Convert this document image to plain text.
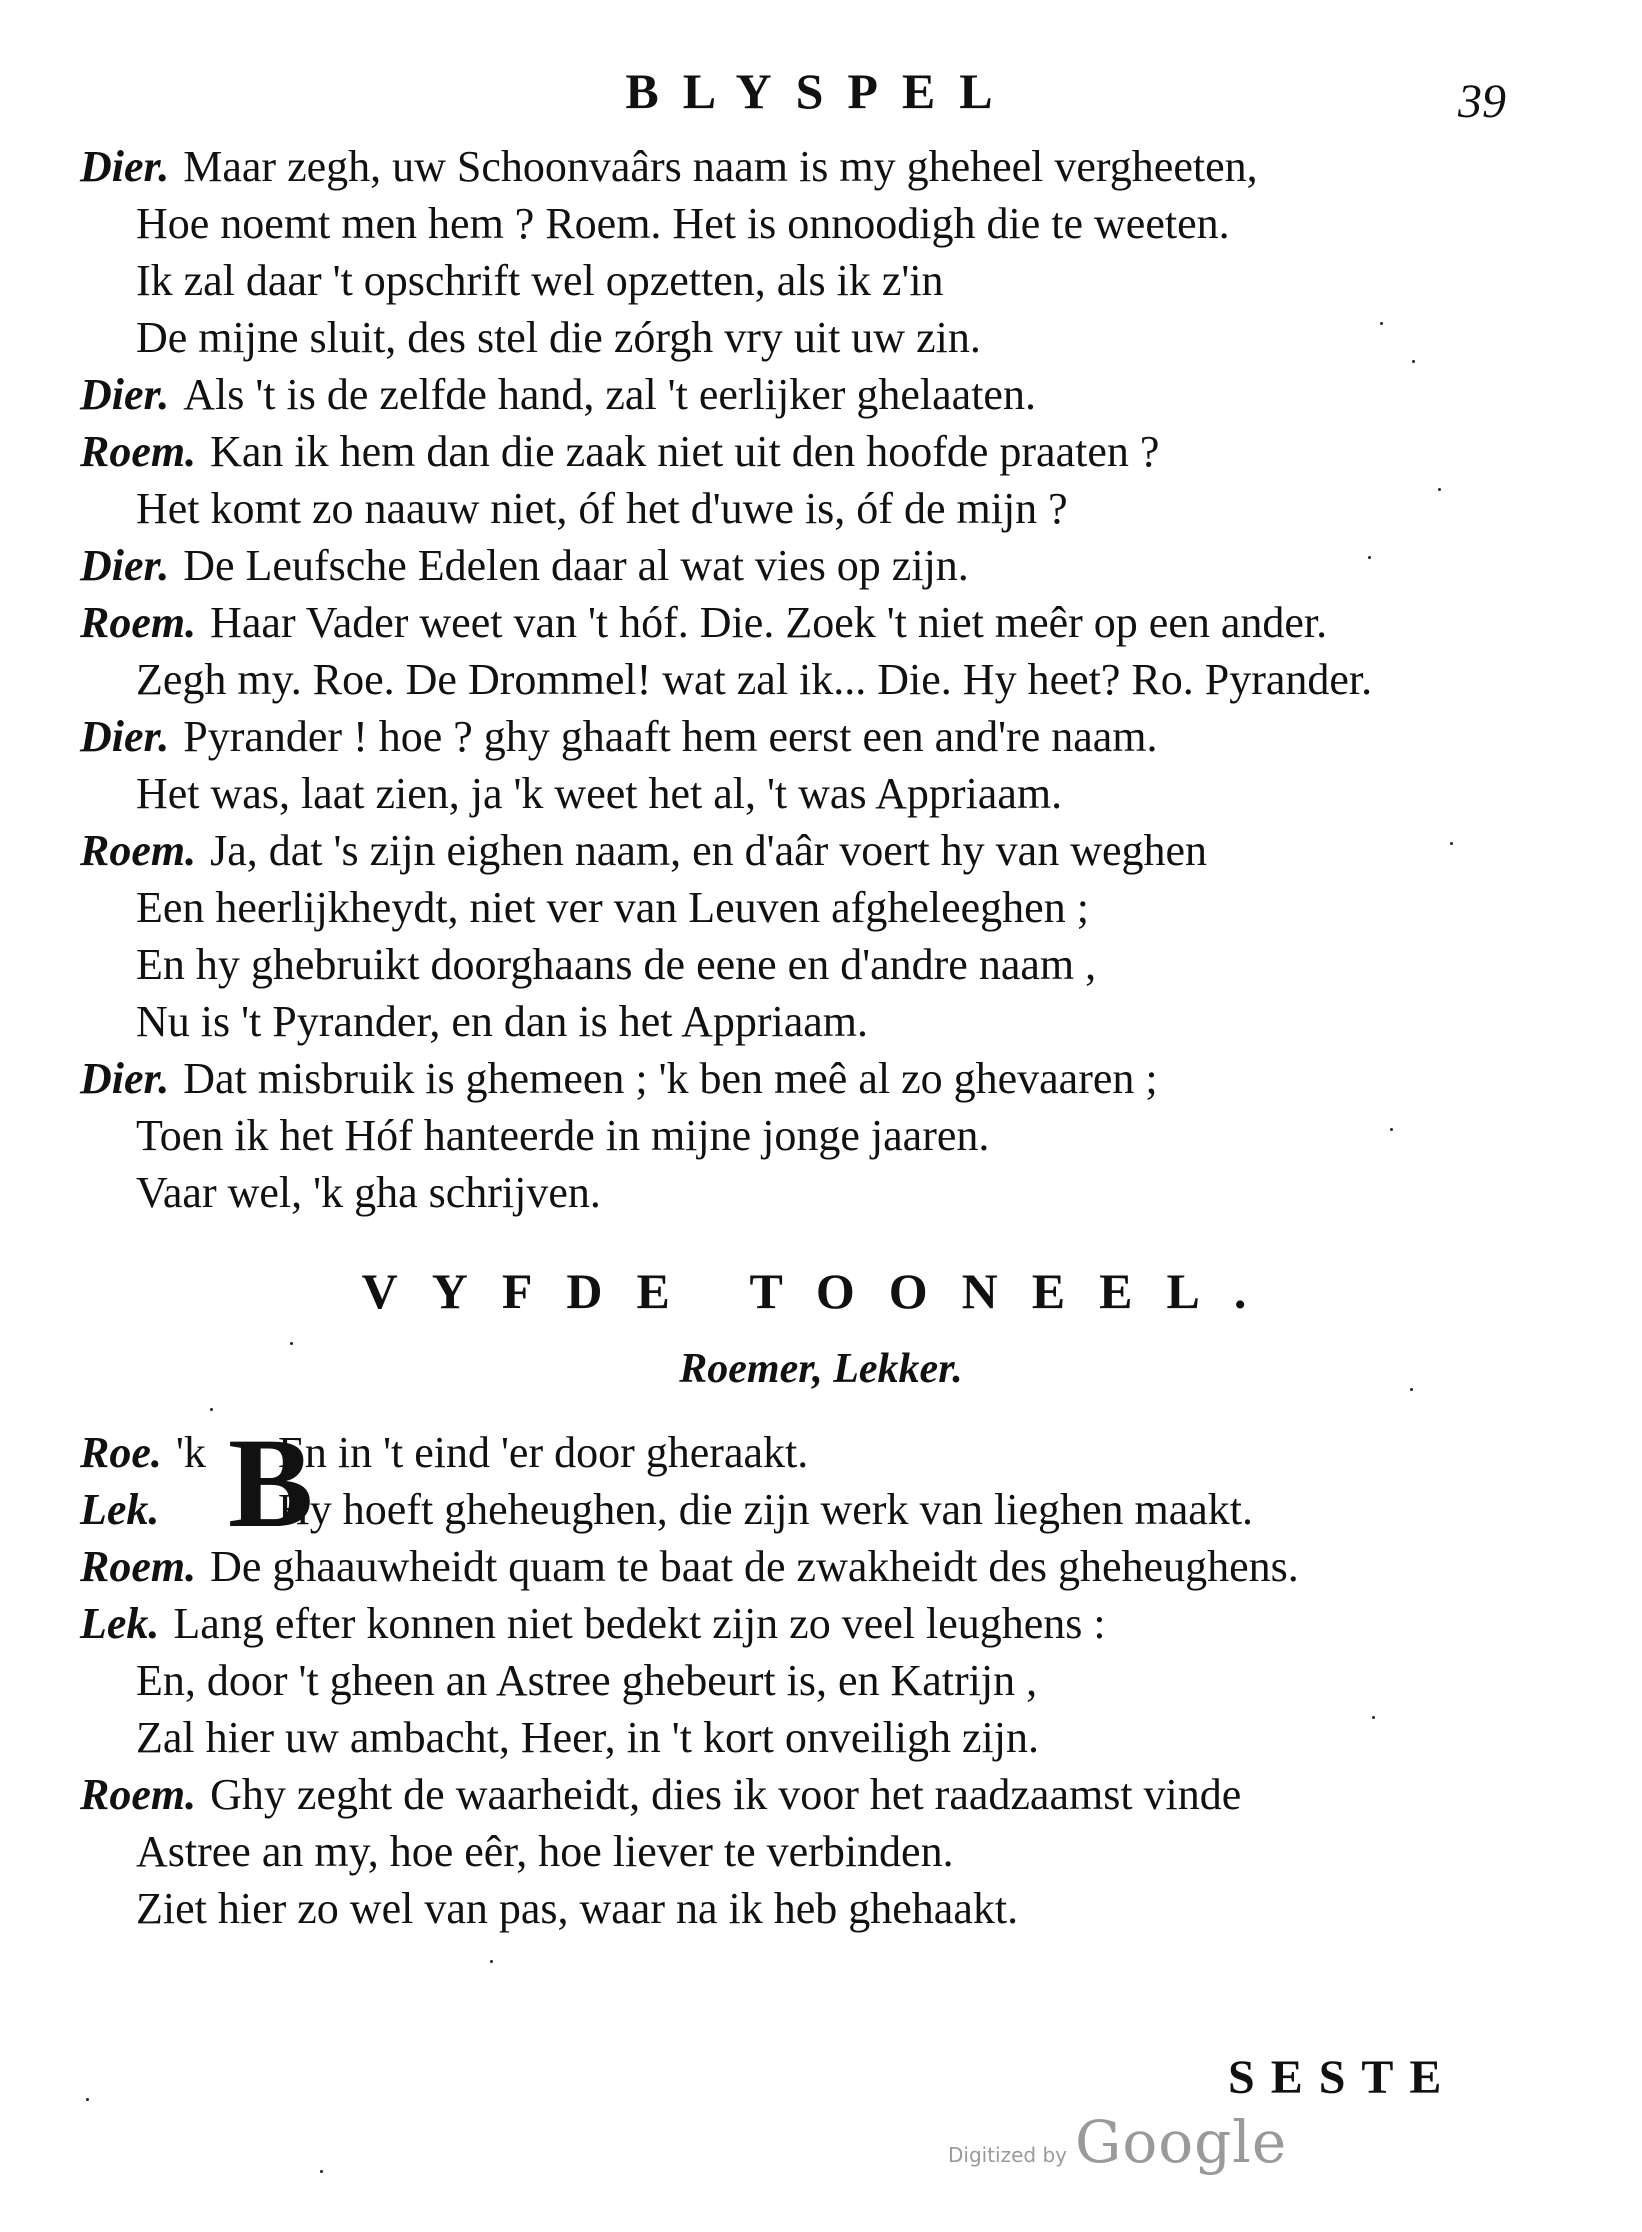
BLYSPEL	39
Dier. Maar zegh, uw Schoonvaârs naam is my gheheel vergheeten,
Hoe noemt men hem ? Roem. Het is onnoodigh die te weeten.
Ik zal daar 't opschrift wel opzetten, als ik z'in
De mijne sluit, des stel die zórgh vry uit uw zin.
Dier. Als 't is de zelfde hand, zal 't eerlijker ghelaaten.
Roem. Kan ik hem dan die zaak niet uit den hoofde praaten ?
Het komt zo naauw niet, óf het d'uwe is, óf de mijn ?
Dier. De Leufsche Edelen daar al wat vies op zijn.
Roem. Haar Vader weet van 't hóf. Die. Zoek 't niet meêr op een ander.
Zegh my. Roe. De Drommel! wat zal ik... Die. Hy heet? Ro. Pyrander.
Dier. Pyrander ! hoe ? ghy ghaaft hem eerst een and're naam.
Het was, laat zien, ja 'k weet het al, 't was Appriaam.
Roem. Ja, dat 's zijn eighen naam, en d'aâr voert hy van weghen
Een heerlijkheydt, niet ver van Leuven afgheleeghen ;
En hy ghebruikt doorghaans de eene en d'andre naam ,
Nu is 't Pyrander, en dan is het Appriaam.
Dier. Dat misbruik is ghemeen ; 'k ben meê al zo ghevaaren ;
Toen ik het Hóf hanteerde in mijne jonge jaaren.
Vaar wel, 'k gha schrijven.
VYFDE TOONEEL.
Roemer, Lekker.
B
Roe. 'k En in 't eind 'er door gheraakt.
Lek.	Hy hoeft gheheughen, die zijn werk van lieghen maakt.
Roem. De ghaauwheidt quam te baat de zwakheidt des gheheughens.
Lek. Lang efter konnen niet bedekt zijn zo veel leughens :
En, door 't gheen an Astree ghebeurt is, en Katrijn ,
Zal hier uw ambacht, Heer, in 't kort onveiligh zijn.
Roem. Ghy zeght de waarheidt, dies ik voor het raadzaamst vinde
Astree an my, hoe eêr, hoe liever te verbinden.
Ziet hier zo wel van pas, waar na ik heb ghehaakt.
SESTE
Digitized by Google
